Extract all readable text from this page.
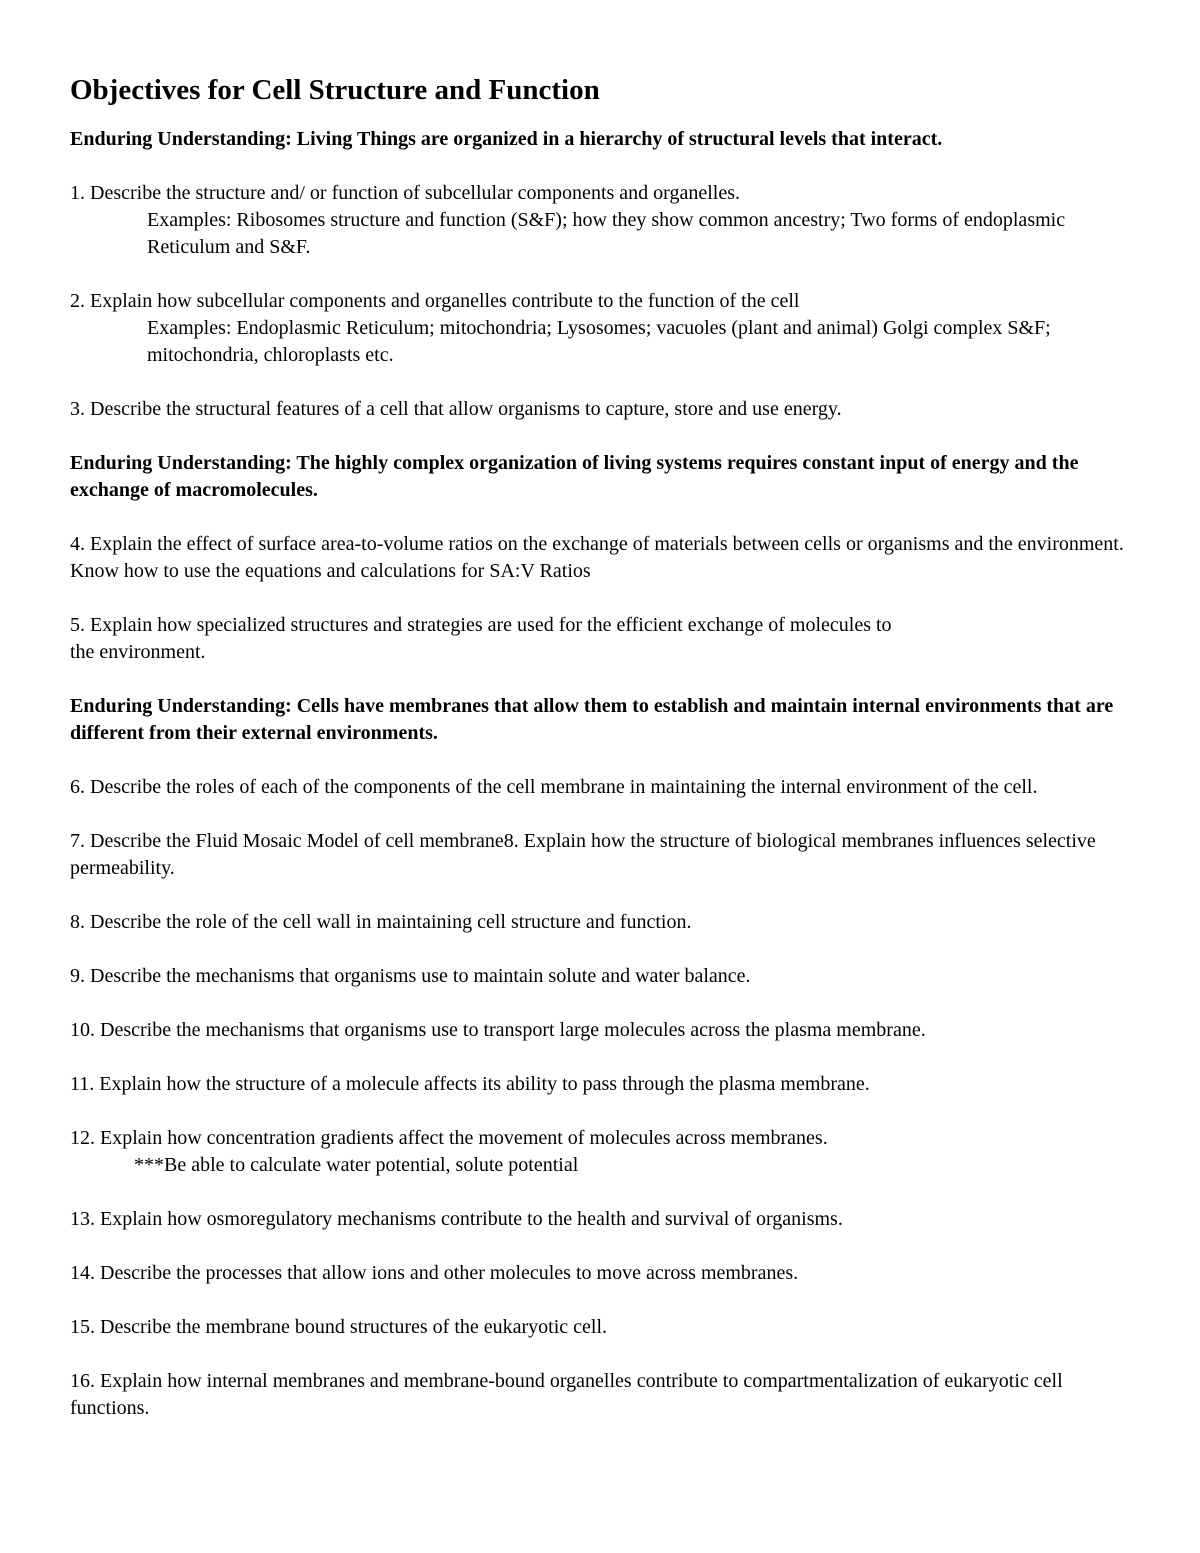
Objectives for Cell Structure and Function
Enduring Understanding: Living Things are organized in a hierarchy of structural levels that interact.
1. Describe the structure and/ or function of subcellular components and organelles.
Examples: Ribosomes structure and function (S&F); how they show common ancestry; Two forms of endoplasmic Reticulum and S&F.
2. Explain how subcellular components and organelles contribute to the function of the cell
Examples: Endoplasmic Reticulum; mitochondria; Lysosomes; vacuoles (plant and animal) Golgi complex S&F; mitochondria, chloroplasts etc.
3. Describe the structural features of a cell that allow organisms to capture, store and use energy.
Enduring Understanding: The highly complex organization of living systems requires constant input of energy and the exchange of macromolecules.
4. Explain the effect of surface area-to-volume ratios on the exchange of materials between cells or organisms and the environment. Know how to use the equations and calculations for SA:V Ratios
5. Explain how specialized structures and strategies are used for the efficient exchange of molecules to
the environment.
Enduring Understanding: Cells have membranes that allow them to establish and maintain internal environments that are different from their external environments.
6. Describe the roles of each of the components of the cell membrane in maintaining the internal environment of the cell.
7. Describe the Fluid Mosaic Model of cell membrane8. Explain how the structure of biological membranes influences selective permeability.
8. Describe the role of the cell wall in maintaining cell structure and function.
9. Describe the mechanisms that organisms use to maintain solute and water balance.
10. Describe the mechanisms that organisms use to transport large molecules across the plasma membrane.
11. Explain how the structure of a molecule affects its ability to pass through the plasma membrane.
12. Explain how concentration gradients affect the movement of molecules across membranes.
***Be able to calculate water potential, solute potential
13. Explain how osmoregulatory mechanisms contribute to the health and survival of organisms.
14. Describe the processes that allow ions and other molecules to move across membranes.
15. Describe the membrane bound structures of the eukaryotic cell.
16. Explain how internal membranes and membrane-bound organelles contribute to compartmentalization of eukaryotic cell functions.
